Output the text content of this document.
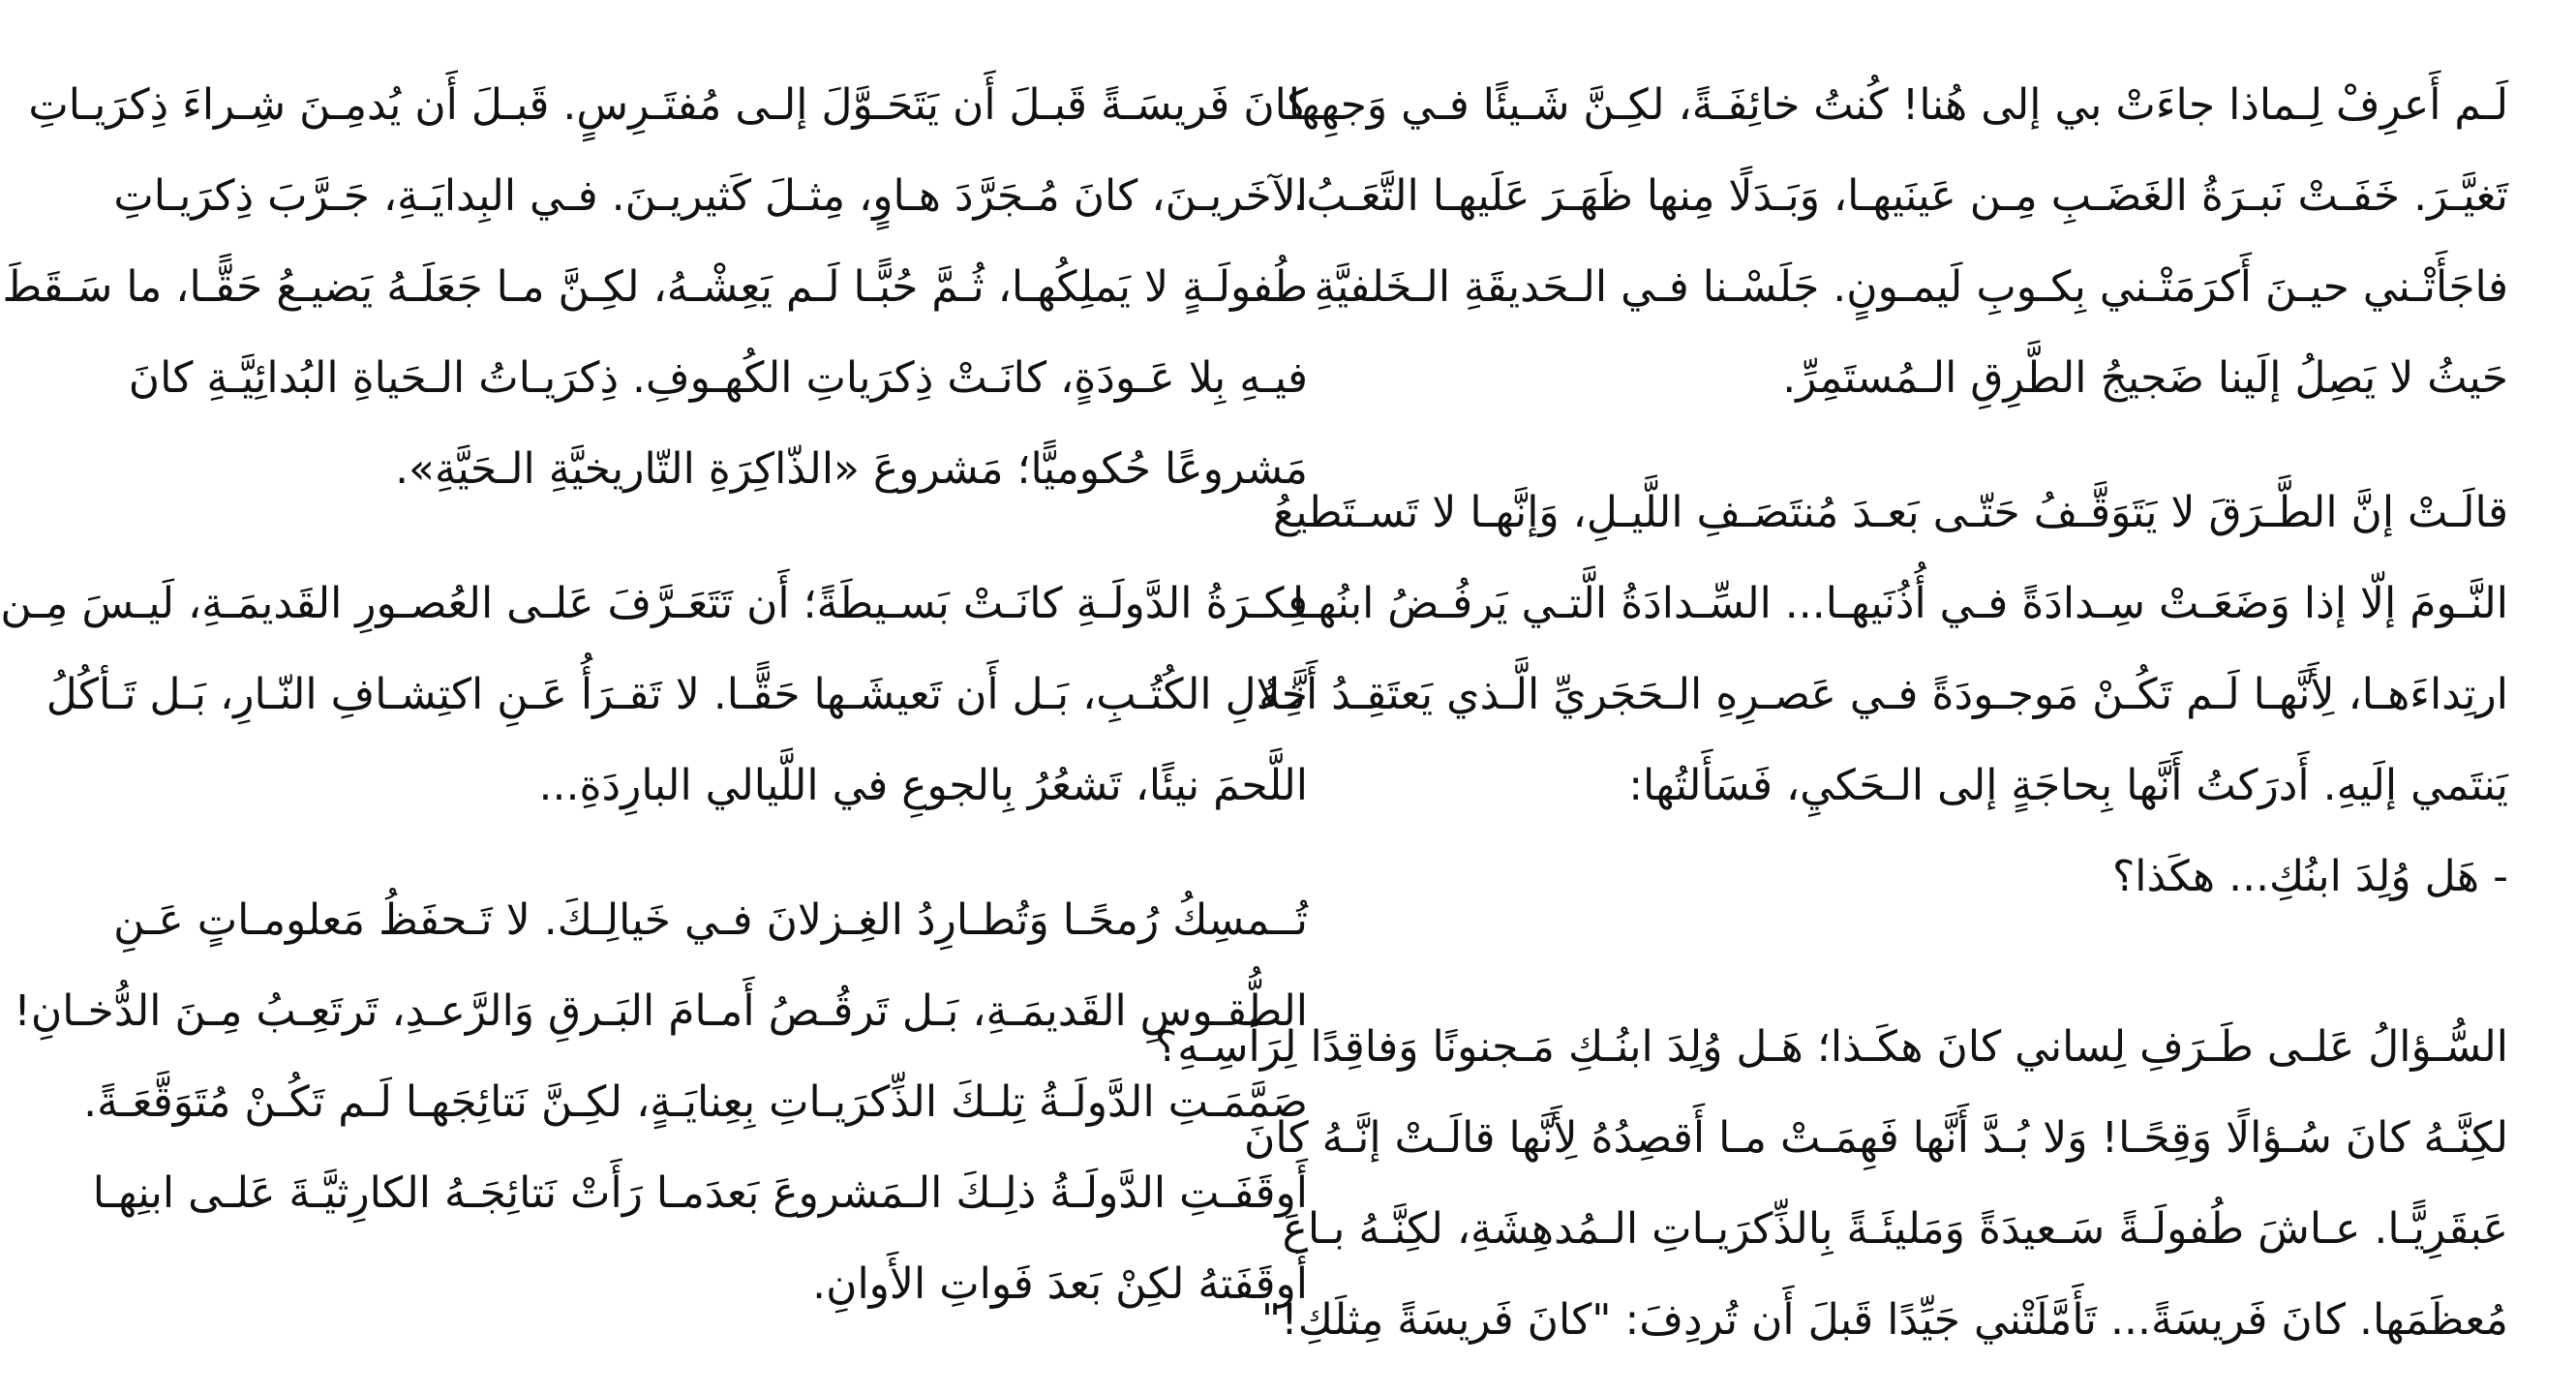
لَـم أَعرِفْ لِـماذا جاءَتْ بي إلى هُنا! كُنتُ خائِفَـةً، لكِـنَّ شَـيئًا فـي وَجهِها
تَغيَّـرَ. خَفَـتْ نَبـرَةُ الغَضَـبِ مِـن عَينَيهـا، وَبَـدَلًا مِنها ظَهَـرَ عَلَيهـا التَّعَـبُ.
فاجَأَتْـني حيـنَ أَكرَمَتْـني بِكـوبِ لَيمـونٍ. جَلَسْـنا فـي الـحَديقَةِ الـخَلفيَّةِ
حَيثُ لا يَصِلُ إلَينا ضَجيجُ الطَّرِقِ الـمُستَمِرِّ.
قالَـتْ إنَّ الطَّـرَقَ لا يَتَوَقَّـفُ حَتّـى بَعـدَ مُنتَصَـفِ اللَّيـلِ، وَإنَّهـا لا تَسـتَطيعُ
النَّـومَ إلّا إذا وَضَعَـتْ سِـدادَةً فـي أُذُنَيهـا... السِّـدادَةُ الَّتـي يَرفُـضُ ابنُهـا
ارتِداءَهـا، لِأَنَّهـا لَـم تَكُـنْ مَوجـودَةً فـي عَصـرِهِ الـحَجَريِّ الَّـذي يَعتَقِـدُ أَنَّـهُ
يَنتَمي إلَيهِ. أَدرَكتُ أَنَّها بِحاجَةٍ إلى الـحَكيِ، فَسَأَلتُها:
- هَل وُلِدَ ابنُكِ... هكَذا؟
السُّـؤالُ عَلـى طَـرَفِ لِساني كانَ هكَـذا؛ هَـل وُلِدَ ابنُـكِ مَـجنونًا وَفاقِدًا لِرَأسِـهِ؟
لكِنَّـهُ كانَ سُـؤالًا وَقِحًـا! وَلا بُـدَّ أَنَّها فَهِمَـتْ مـا أَقصِدُهُ لِأَنَّها قالَـتْ إنَّـهُ كانَ
عَبقَرِيًّـا. عـاشَ طُفولَـةً سَـعيدَةً وَمَليئَـةً بِالذِّكرَيـاتِ الـمُدهِشَةِ، لكِنَّـهُ بـاعَ
مُعظَمَها. كانَ فَريسَةً... تَأَمَّلَتْني جَيِّدًا قَبلَ أَن تُردِفَ: "كانَ فَريسَةً مِثلَكِ!"
كانَ فَريسَـةً قَبـلَ أَن يَتَحَـوَّلَ إلـى مُفتَـرِسٍ. قَبـلَ أَن يُدمِـنَ شِـراءَ ذِكرَيـاتِ
الآخَريـنَ، كانَ مُـجَرَّدَ هـاوٍ، مِثـلَ كَثيريـنَ. فـي البِدايَـةِ، جَـرَّبَ ذِكرَيـاتِ
طُفولَـةٍ لا يَملِكُهـا، ثُـمَّ حُبًّـا لَـم يَعِشْـهُ، لكِـنَّ مـا جَعَلَـهُ يَضيـعُ حَقًّـا، ما سَـقَطَ
فيـهِ بِلا عَـودَةٍ، كانَـتْ ذِكرَياتِ الكُهـوفِ. ذِكرَيـاتُ الـحَياةِ البُدائِيَّـةِ كانَ
مَشروعًا حُكوميًّا؛ مَشروعَ «الذّاكِرَةِ التّاريخيَّةِ الـحَيَّةِ».
فِكـرَةُ الدَّولَـةِ كانَـتْ بَسـيطَةً؛ أَن تَتَعَـرَّفَ عَلـى العُصـورِ القَديمَـةِ، لَيـسَ مِـن
خِلالِ الكُتُـبِ، بَـل أَن تَعيشَـها حَقًّـا. لا تَقـرَأُ عَـنِ اكتِشـافِ النّـارِ، بَـل تَـأكُلُ
اللَّحمَ نيئًا، تَشعُرُ بِالجوعِ في اللَّيالي البارِدَةِ...
تُــمسِكُ رُمحًـا وَتُطـارِدُ الغِـزلانَ فـي خَيالِـكَ. لا تَـحفَظُ مَعلومـاتٍ عَـنِ
الطُّقـوسِ القَديمَـةِ، بَـل تَرقُـصُ أَمـامَ البَـرقِ وَالرَّعـدِ، تَرتَعِـبُ مِـنَ الدُّخـانِ!
صَمَّمَـتِ الدَّولَـةُ تِلـكَ الذِّكرَيـاتِ بِعِنايَـةٍ، لكِـنَّ نَتائِجَهـا لَـم تَكُـنْ مُتَوَقَّعَـةً.
أَوقَفَـتِ الدَّولَـةُ ذلِـكَ الـمَشروعَ بَعدَمـا رَأَتْ نَتائِجَـهُ الكارِثيَّـةَ عَلـى ابنِهـا
أَوقَفَتهُ لكِنْ بَعدَ فَواتِ الأَوانِ.
